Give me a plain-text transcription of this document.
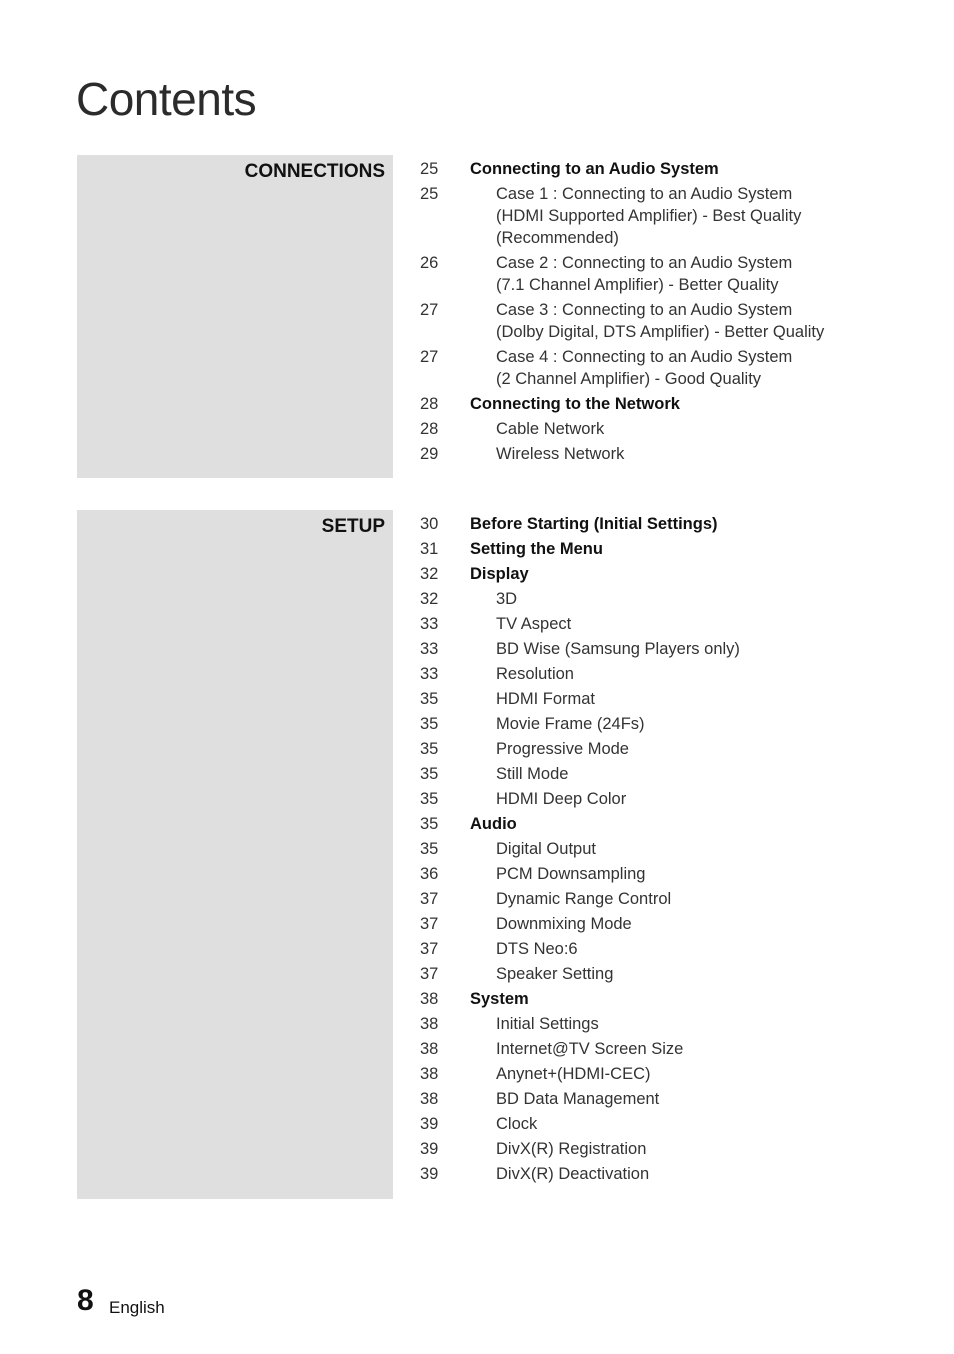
Contents
CONNECTIONS 25	Connecting to an Audio System
25	Case 1 : Connecting to an Audio System
(HDMI Supported Amplifier) - Best Quality
(Recommended)
26	Case 2 : Connecting to an Audio System
(7.1 Channel Amplifier) - Better Quality
27	Case 3 : Connecting to an Audio System
(Dolby Digital, DTS Amplifier) - Better Quality
27	Case 4 : Connecting to an Audio System
(2 Channel Amplifier) - Good Quality
28	Connecting to the Network
28	Cable Network
29	Wireless Network
SETUP 30	Before Starting (Initial Settings)
31	Setting the Menu
32	Display
32	3D
33	TV Aspect
33	BD Wise (Samsung Players only)
33	Resolution
35	HDMI Format
35	Movie Frame (24Fs)
35	Progressive Mode
35	Still Mode
35	HDMI Deep Color
35	Audio
35	Digital Output
36	PCM Downsampling
37	Dynamic Range Control
37	Downmixing Mode
37	DTS Neo:6
37	Speaker Setting
38	System
38	Initial Settings
38	Internet@TV Screen Size
38	Anynet+(HDMI-CEC)
38	BD Data Management
39	Clock
39	DivX(R) Registration
39	DivX(R) Deactivation
8 English
